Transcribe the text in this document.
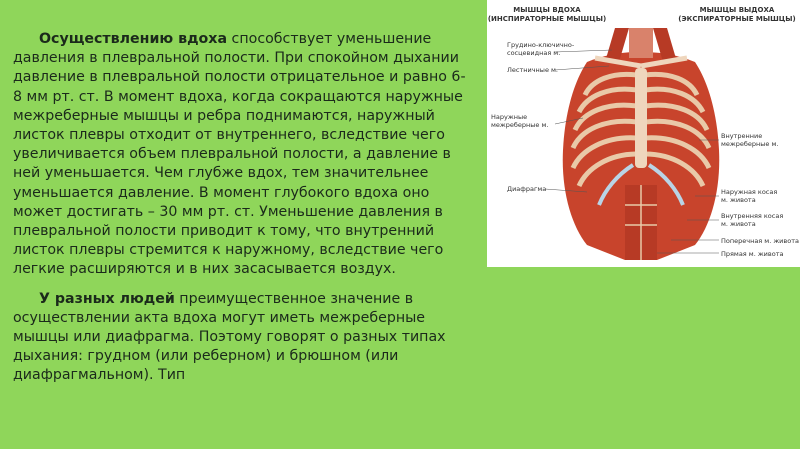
Осуществлению вдоха способствует уменьшение давления в плевральной полости. При спокойном дыхании давление в плевральной полости отрицательное и равно 6-8 мм рт. ст. В момент вдоха, когда сокращаются наружные межреберные мышцы и ребра поднимаются, наружный листок плевры отходит от внутреннего, вследствие чего увеличивается объем плевральной полости, а давление в ней уменьшается. Чем глубже вдох, тем значительнее уменьшается давление. В момент глубокого вдоха оно может достигать – 30 мм рт. ст. Уменьшение давления в плевральной полости приводит к тому, что внутренний листок плевры стремится к наружному, вследствие чего легкие расширяются и в них засасывается воздух.

У разных людей преимущественное значение в осуществлении акта вдоха могут иметь межреберные мышцы или диафрагма. Поэтому говорят о разных типах дыхания: грудном (или реберном) и брюшном (или диафрагмальном). Тип

МЫШЦЫ ВДОХА
(ИНСПИРАТОРНЫЕ МЫШЦЫ)
МЫШЦЫ ВЫДОХА
(ЭКСПИРАТОРНЫЕ МЫШЦЫ)
Грудино-ключично-
сосцевидная м.
Лестничные м.
Наружные
межреберные м.
Диафрагма
Внутренние
межреберные м.
Наружная косая
м. живота
Внутренняя косая
м. живота
Поперечная м. живота
Прямая м. живота
